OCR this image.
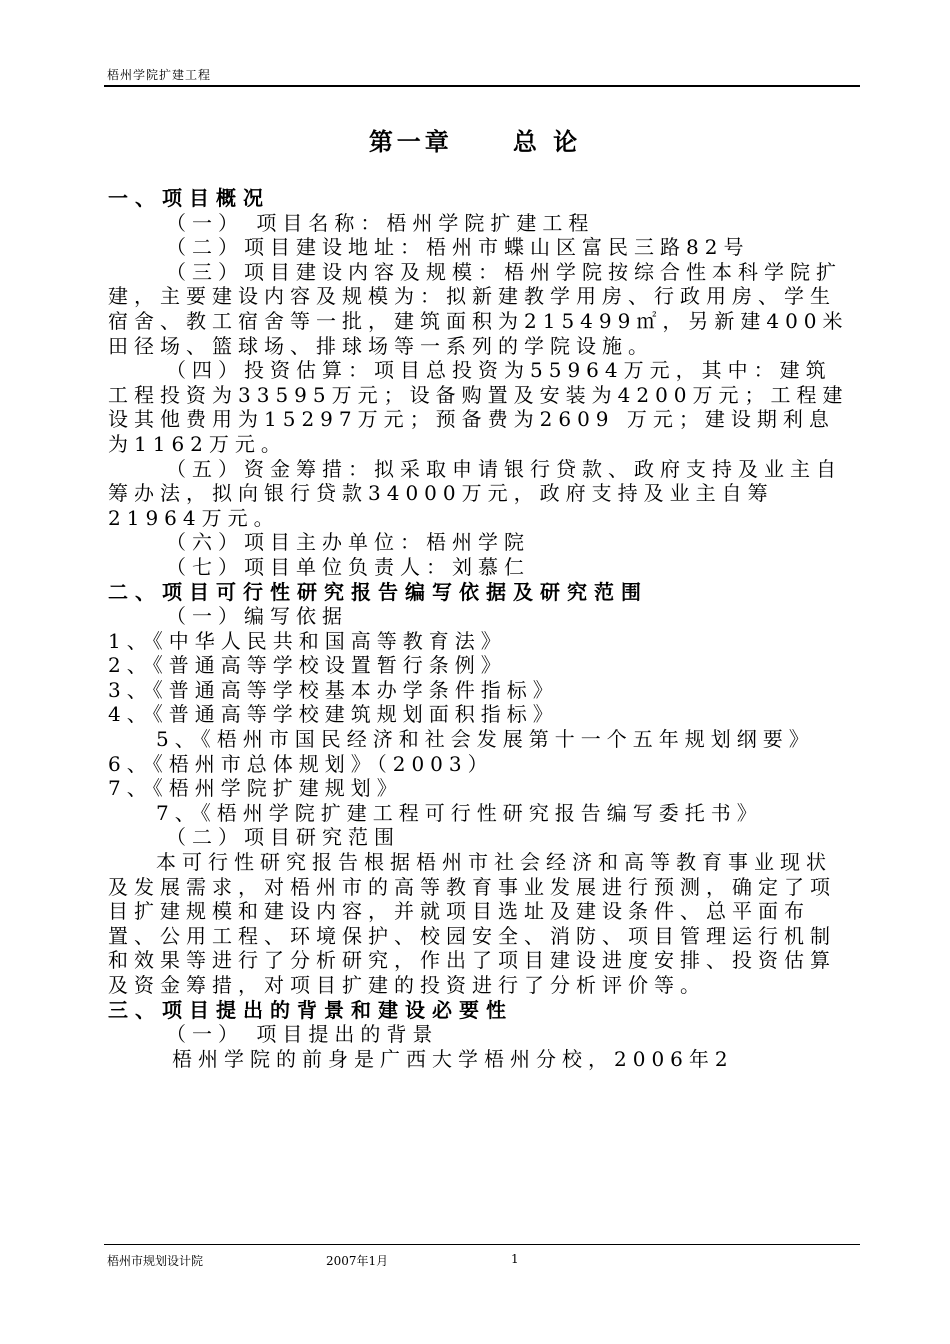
梧州学院扩建工程
第一章	总 论

一、项目概况

（一） 项目名称：梧州学院扩建工程

（二）项目建设地址：梧州市蝶山区富民三路82号

（三）项目建设内容及规模：梧州学院按综合性本科学院扩建，主要建设内容及规模为：拟新建教学用房、行政用房、学生宿舍、教工宿舍等一批，建筑面积为215499㎡，另新建400米田径场、篮球场、排球场等一系列的学院设施。

（四）投资估算：项目总投资为55964万元，其中：建筑工程投资为33595万元；设备购置及安装为4200万元；工程建设其他费用为15297万元；预备费为2609 万元；建设期利息为1162万元。

（五）资金筹措：拟采取申请银行贷款、政府支持及业主自筹办法，拟向银行贷款34000万元，政府支持及业主自筹21964万元。

（六）项目主办单位：梧州学院

（七）项目单位负责人：刘慕仁

二、项目可行性研究报告编写依据及研究范围

（一）编写依据

1、《中华人民共和国高等教育法》

2、《普通高等学校设置暂行条例》

3、《普通高等学校基本办学条件指标》

4、《普通高等学校建筑规划面积指标》

5、《梧州市国民经济和社会发展第十一个五年规划纲要》

6、《梧州市总体规划》（2003）

7、《梧州学院扩建规划》

7、《梧州学院扩建工程可行性研究报告编写委托书》

（二）项目研究范围

本可行性研究报告根据梧州市社会经济和高等教育事业现状及发展需求，对梧州市的高等教育事业发展进行预测，确定了项目扩建规模和建设内容，并就项目选址及建设条件、总平面布置、公用工程、环境保护、校园安全、消防、项目管理运行机制和效果等进行了分析研究，作出了项目建设进度安排、投资估算及资金筹措，对项目扩建的投资进行了分析评价等。

三、项目提出的背景和建设必要性

（一） 项目提出的背景

梧州学院的前身是广西大学梧州分校，2006年2

梧州市规划设计院	2007年1月	1
